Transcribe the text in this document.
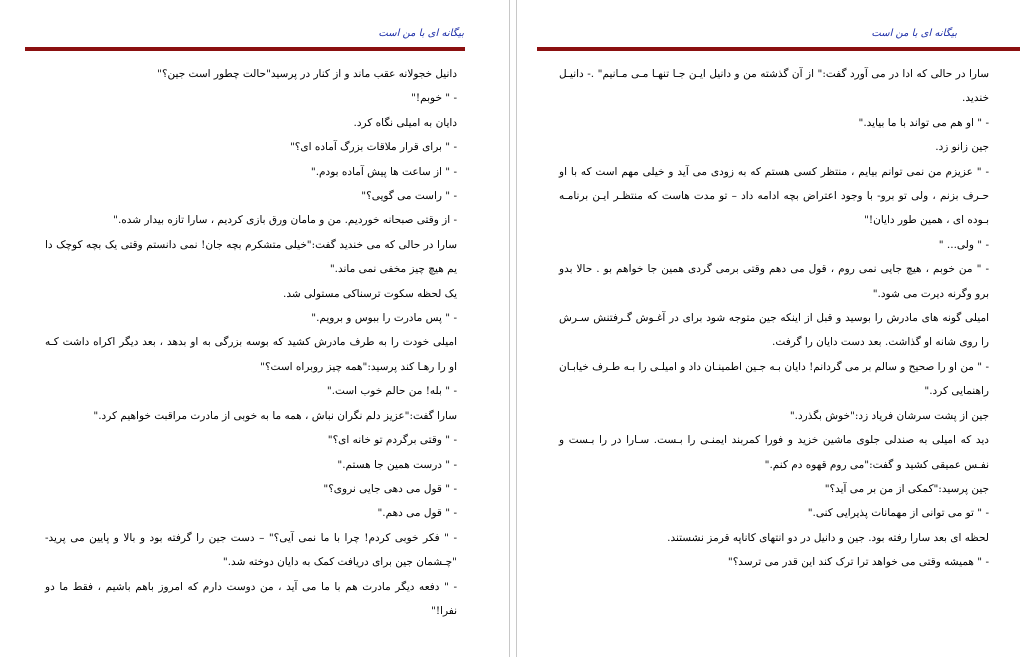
بیگانه ای با من است

دانیل خجولانه عقب ماند و از کنار در پرسید"حالت چطور است جین؟"

- " خوبم!"

دایان به امیلی نگاه کرد.

- " برای قرار ملاقات بزرگ آماده ای؟"

- " از ساعت ها پیش آماده بودم."

- " راست می گویی؟"

- از وقتی صبحانه خوردیم. من و مامان ورق بازی کردیم ، سارا تازه بیدار شده."

سارا در حالی که می خندید گفت:"خیلی متشکرم بچه جان! نمی دانستم وقتی یک بچه کوچک دا یم هیچ چیز مخفی نمی ماند."

یک لحظه سکوت ترسناکی مستولی شد.

- " پس مادرت را ببوس و برویم."

امیلی خودت را به طرف مادرش کشید که بوسه بزرگی به او بدهد ، بعد دیگر اکراه داشت کـه او را رهـا کند پرسید:"همه چیز روبراه است؟"

- " بله! من حالم خوب است."

سارا گفت:"عزیز دلم نگران نباش ، همه ما به خوبی از مادرت مراقبت خواهیم کرد."

- " وقتی برگردم تو خانه ای؟"

- " درست همین جا هستم."

- " قول می دهی جایی نروی؟"

- " قول می دهم."

- " فکر خوبی کردم! چرا با ما نمی آیی؟" – دست جین را گرفته بود و بالا و پایین می پرید-"چـشمان جین برای دریافت کمک به دایان دوخته شد."

- " دفعه دیگر مادرت هم با ما می آید ، من دوست دارم که امروز باهم باشیم ، فقط ما دو نفرا!"

بیگانه ای با من است

سارا در حالی که ادا در می آورد گفت:" از آن گذشته من و دانیل ایـن جـا تنهـا مـی مـانیم" .- دانیـل خندید.

- " او هم می تواند با ما بیاید."

جین زانو زد.

- " عزیزم من نمی توانم بیایم ، منتظر کسی هستم که به زودی می آید و خیلی مهم است که با او حـرف بزنم ، ولی تو برو- با وجود اعتراض بچه ادامه داد – تو مدت هاست که منتظـر ایـن برنامـه بـوده ای ، همین طور دایان!"

- " ولی... "

- " من خوبم ، هیچ جایی نمی روم ، قول می دهم وقتی برمی گردی همین جا خواهم بو . حالا بدو برو وگرنه دیرت می شود."

امیلی گونه های مادرش را بوسید و قبل از اینکه جین متوجه شود برای در آغـوش گـرفتنش سـرش را روی شانه او گذاشت. بعد دست دایان را گرفت.

- " من او را صحیح و سالم بر می گردانم! دایان بـه جـین اطمینـان داد و امیلـی را بـه طـرف خیابـان راهنمایی کرد."

جین از پشت سرشان فریاد زد:"خوش بگذرد."

دید که امیلی به صندلی جلوی ماشین خزید و فورا کمربند ایمنـی را بـست. سـارا در را بـست و نفـس عمیقی کشید و گفت:"می روم قهوه دم کنم."

جین پرسید:"کمکی از من بر می آید؟"

- " تو می توانی از مهمانات پذیرایی کنی."

لحظه ای بعد سارا رفته بود. جین و دانیل در دو انتهای کاناپه قرمز نشستند.

- " همیشه وقتی می خواهد ترا ترک کند این قدر می ترسد؟"
